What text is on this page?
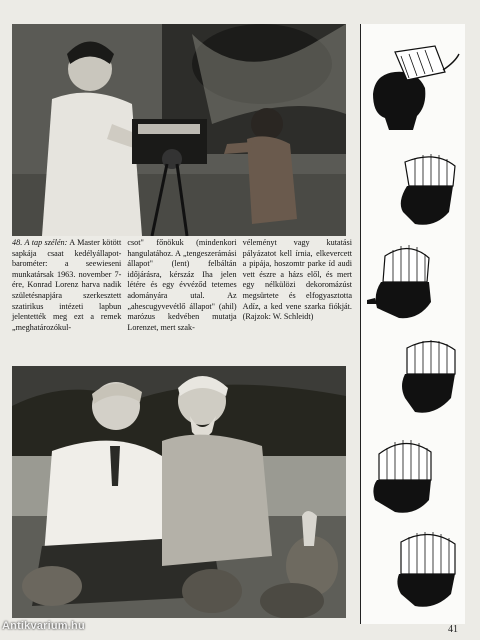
48. A tap szélén: A Master kötött sapkája csaat kedélyállapot-barométer: a seewieseni munkatársak 1963. november 7-ére, Konrad Lorenz harva nadik születésnapjára szerkesztett szatirikus intézeti lapbun jelentették meg ezt a remek „meghatározókul-

csot" főnökuk (mindenkori hangulatához. A „tengeszerámási állapot" (lent) felbáltán időjárásra, kérszáz Iha jelen létére és egy évvéződ tetemes adományára utal. Az „ahescugyvevétlő állapot" (ahil) marózus kedvében mutatja Lorenzet, mert szak-

véleményt vagy kutatási pályázatot kell írnia, elkevercett a pipája, hoszomtr parke íd audi vett észre a házs elől, és mert egy nélkülözi dekoromázúst megsürtete és elfogyasztotta Adíz, a ked vene szarka fiókját. (Rajzok: W. Schleidt)

Antikvarium.hu	41
